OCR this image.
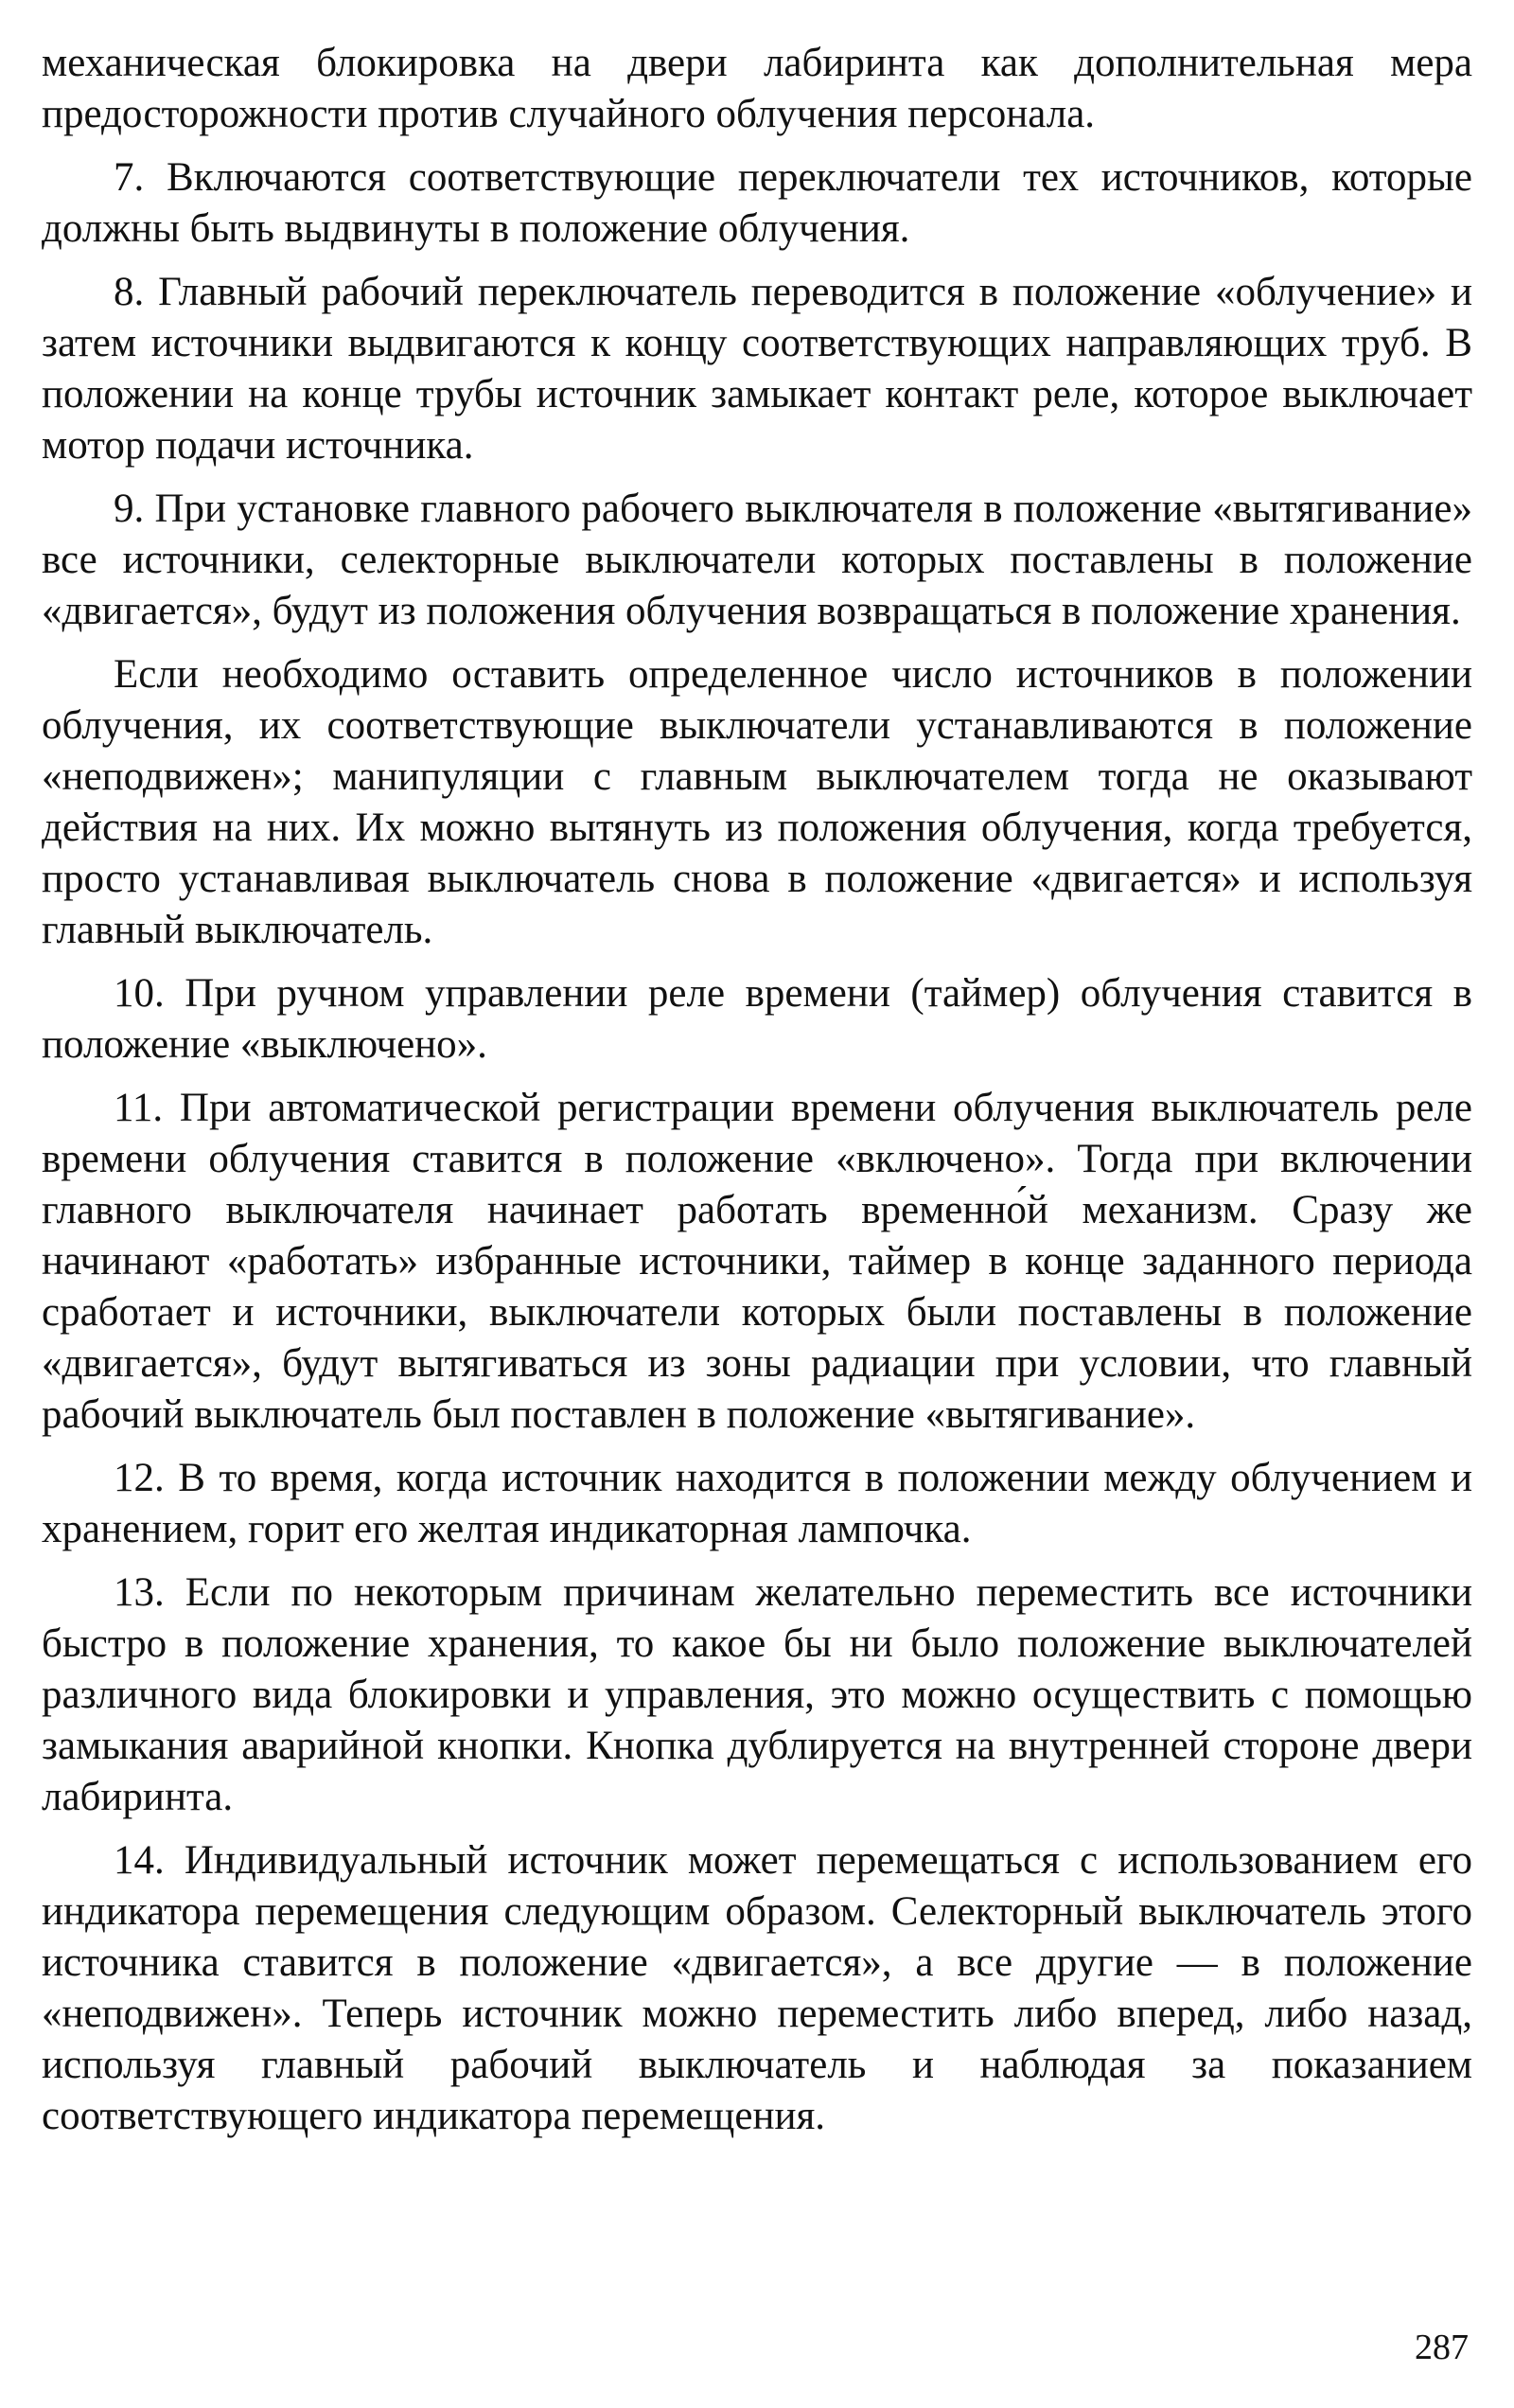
механическая блокировка на двери лабиринта как дополнительная мера предосторожности против случайного облучения персонала.

7. Включаются соответствующие переключатели тех источников, которые должны быть выдвинуты в положение облучения.

8. Главный рабочий переключатель переводится в положение «облучение» и затем источники выдвигаются к концу соответствующих направляющих труб. В положении на конце трубы источник замыкает контакт реле, которое выключает мотор подачи источника.

9. При установке главного рабочего выключателя в положение «вытягивание» все источники, селекторные выключатели которых поставлены в положение «двигается», будут из положения облучения возвращаться в положение хранения.

Если необходимо оставить определенное число источников в положении облучения, их соответствующие выключатели устанавливаются в положение «неподвижен»; манипуляции с главным выключателем тогда не оказывают действия на них. Их можно вытянуть из положения облучения, когда требуется, просто устанавливая выключатель снова в положение «двигается» и используя главный выключатель.

10. При ручном управлении реле времени (таймер) облучения ставится в положение «выключено».

11. При автоматической регистрации времени облучения выключатель реле времени облучения ставится в положение «включено». Тогда при включении главного выключателя начинает работать временно́й механизм. Сразу же начинают «работать» избранные источники, таймер в конце заданного периода сработает и источники, выключатели которых были поставлены в положение «двигается», будут вытягиваться из зоны радиации при условии, что главный рабочий выключатель был поставлен в положение «вытягивание».

12. В то время, когда источник находится в положении между облучением и хранением, горит его желтая индикаторная лампочка.

13. Если по некоторым причинам желательно переместить все источники быстро в положение хранения, то какое бы ни было положение выключателей различного вида блокировки и управления, это можно осуществить с помощью замыкания аварийной кнопки. Кнопка дублируется на внутренней стороне двери лабиринта.

14. Индивидуальный источник может перемещаться с использованием его индикатора перемещения следующим образом. Селекторный выключатель этого источника ставится в положение «двигается», а все другие — в положение «неподвижен». Теперь источник можно переместить либо вперед, либо назад, используя главный рабочий выключатель и наблюдая за показанием соответствующего индикатора перемещения.

287
